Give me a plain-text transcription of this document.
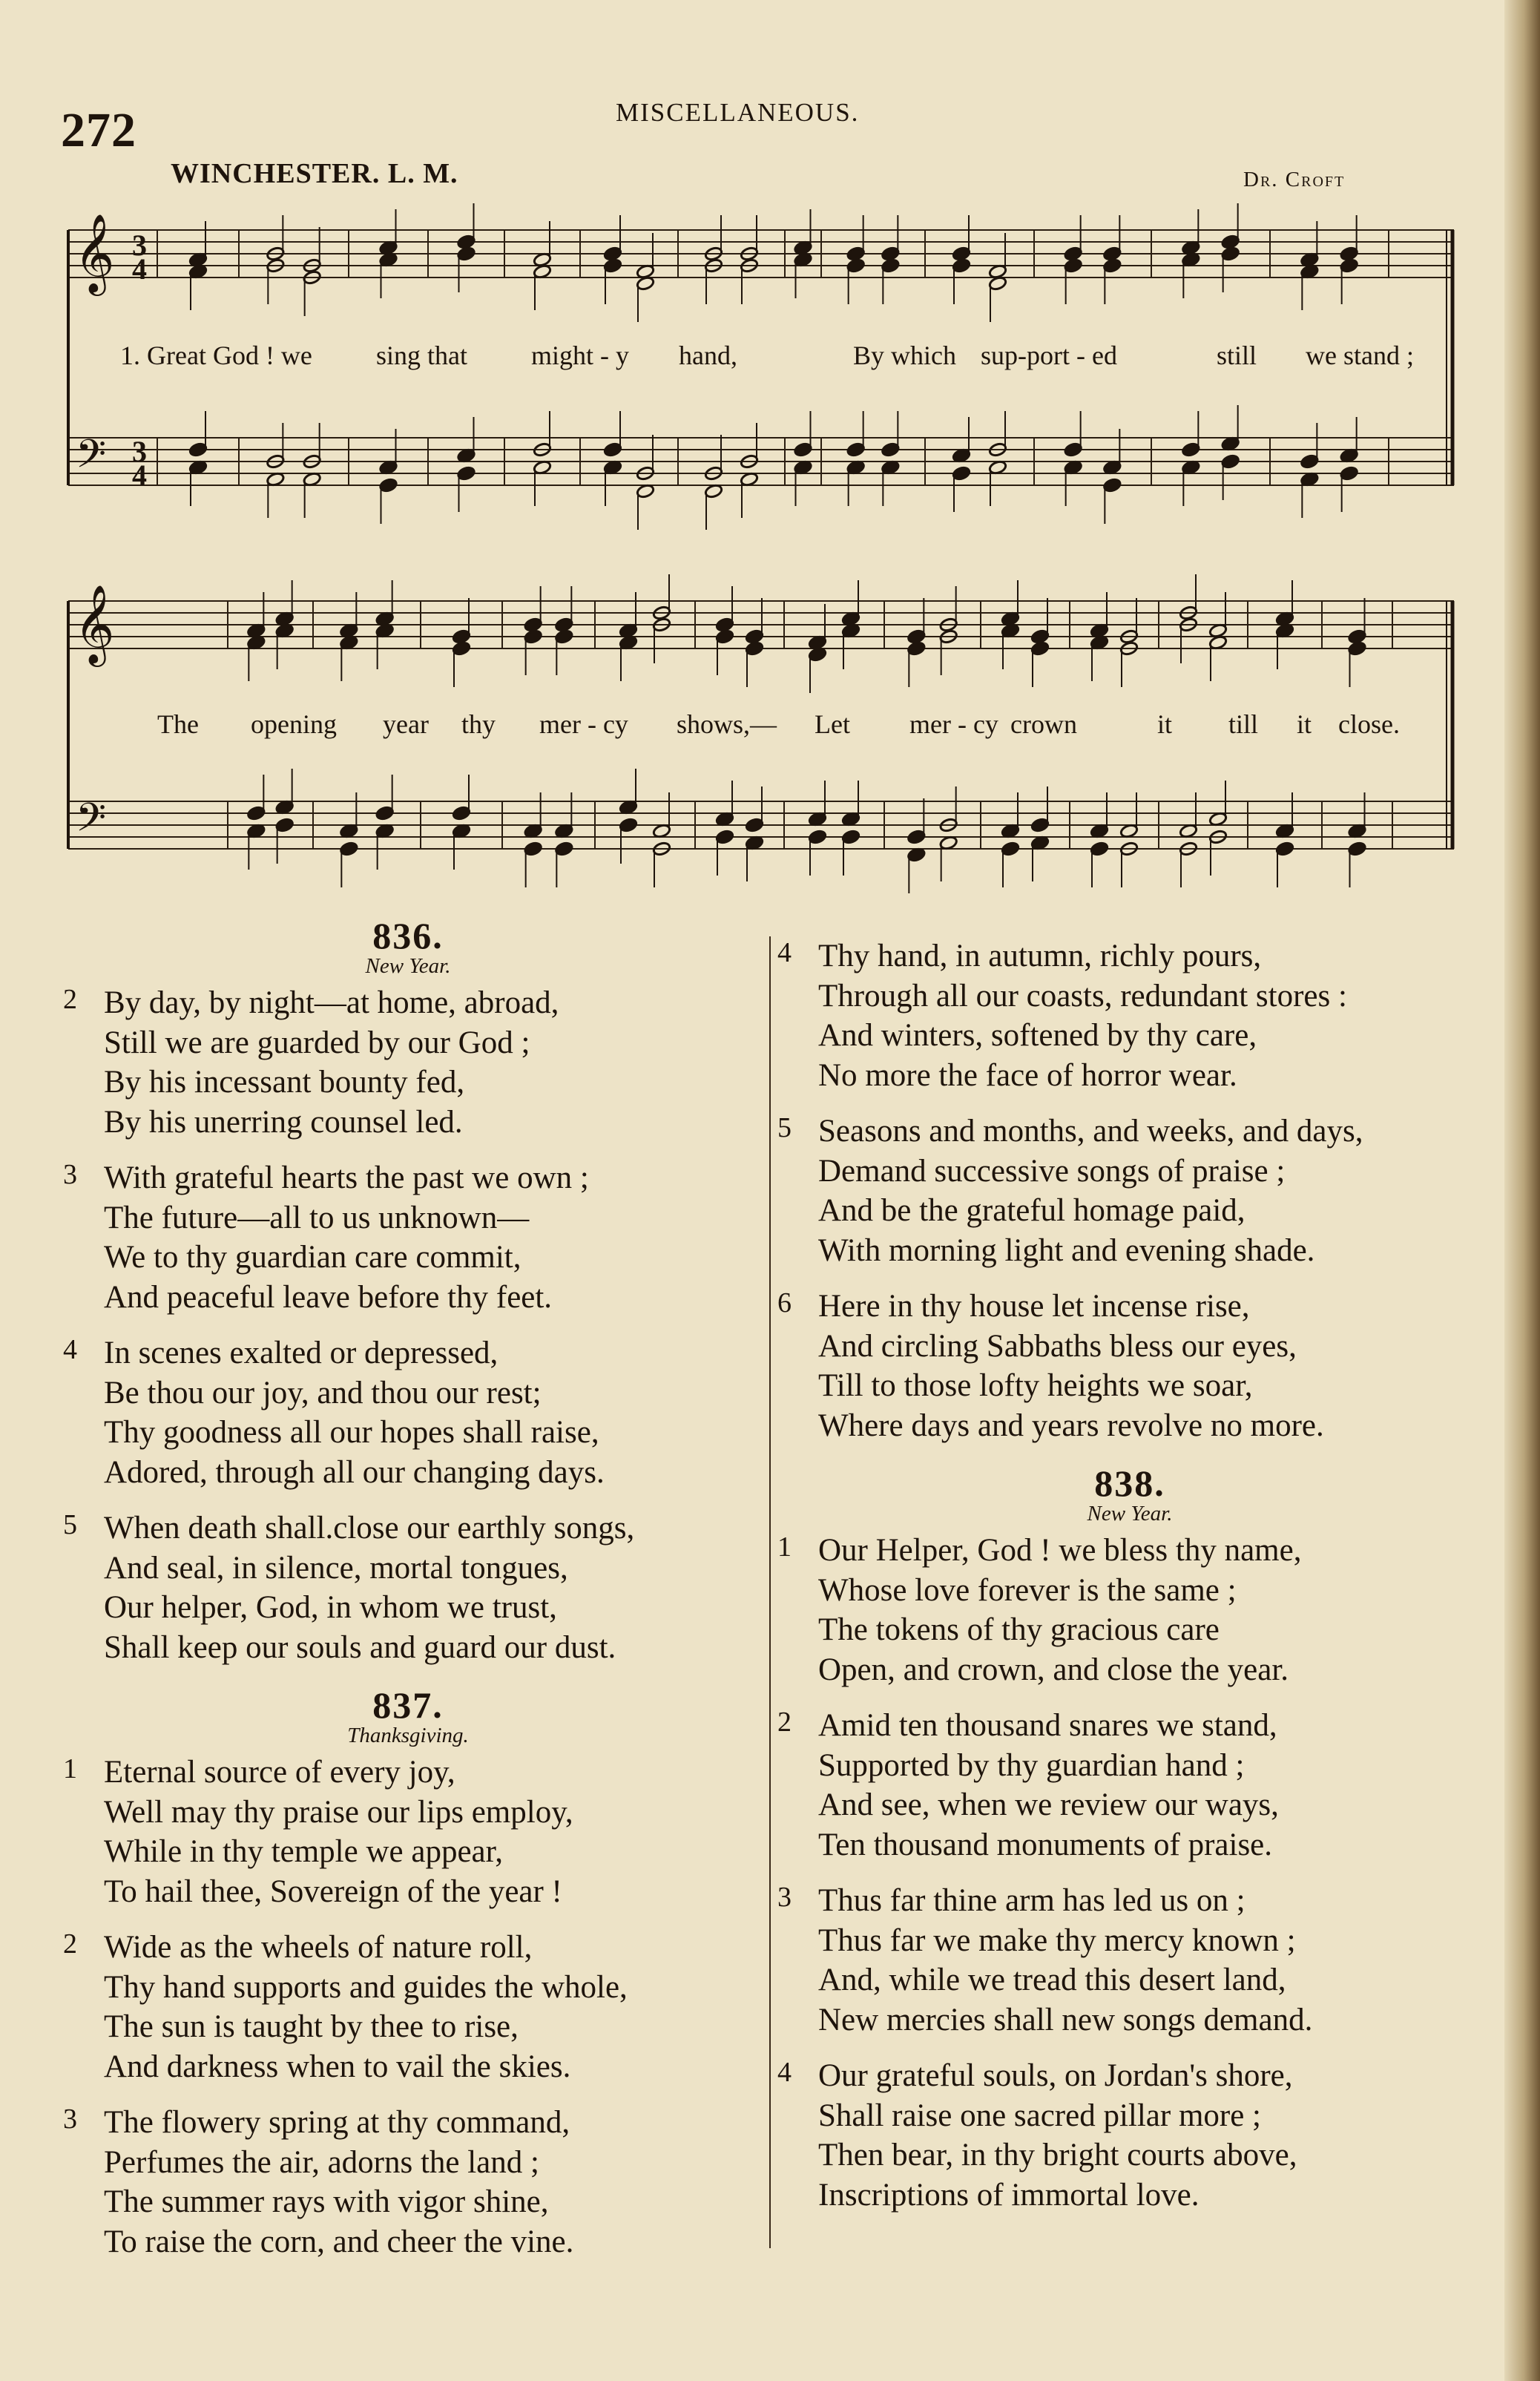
272	MISCELLANEOUS.
WINCHESTER. L. M.	Dr. Croft
𝄞
𝄢
3
4
3
4
1. Great God ! we sing that might - y hand,	By which sup-port - ed	still we stand ;
𝄞
𝄢
The opening year thy mer - cy shows,— Let mer - cy crown	it till it close.
836.
New Year.
2 By day, by night—at home, abroad,
Still we are guarded by our God ;
By his incessant bounty fed,
By his unerring counsel led.
3 With grateful hearts the past we own ;
The future—all to us unknown—
We to thy guardian care commit,
And peaceful leave before thy feet.
4 In scenes exalted or depressed,
Be thou our joy, and thou our rest;
Thy goodness all our hopes shall raise,
Adored, through all our changing days.
5 When death shall.close our earthly songs,
And seal, in silence, mortal tongues,
Our helper, God, in whom we trust,
Shall keep our souls and guard our dust.
837.
Thanksgiving.
1 Eternal source of every joy,
Well may thy praise our lips employ,
While in thy temple we appear,
To hail thee, Sovereign of the year !
2 Wide as the wheels of nature roll,
Thy hand supports and guides the whole,
The sun is taught by thee to rise,
And darkness when to vail the skies.
3 The flowery spring at thy command,
Perfumes the air, adorns the land ;
The summer rays with vigor shine,
To raise the corn, and cheer the vine.
4 Thy hand, in autumn, richly pours,
Through all our coasts, redundant stores :
And winters, softened by thy care,
No more the face of horror wear.
5 Seasons and months, and weeks, and days,
Demand successive songs of praise ;
And be the grateful homage paid,
With morning light and evening shade.
6 Here in thy house let incense rise,
And circling Sabbaths bless our eyes,
Till to those lofty heights we soar,
Where days and years revolve no more.
838.
New Year.
1 Our Helper, God ! we bless thy name,
Whose love forever is the same ;
The tokens of thy gracious care
Open, and crown, and close the year.
2 Amid ten thousand snares we stand,
Supported by thy guardian hand ;
And see, when we review our ways,
Ten thousand monuments of praise.
3 Thus far thine arm has led us on ;
Thus far we make thy mercy known ;
And, while we tread this desert land,
New mercies shall new songs demand.
4 Our grateful souls, on Jordan's shore,
Shall raise one sacred pillar more ;
Then bear, in thy bright courts above,
Inscriptions of immortal love.
